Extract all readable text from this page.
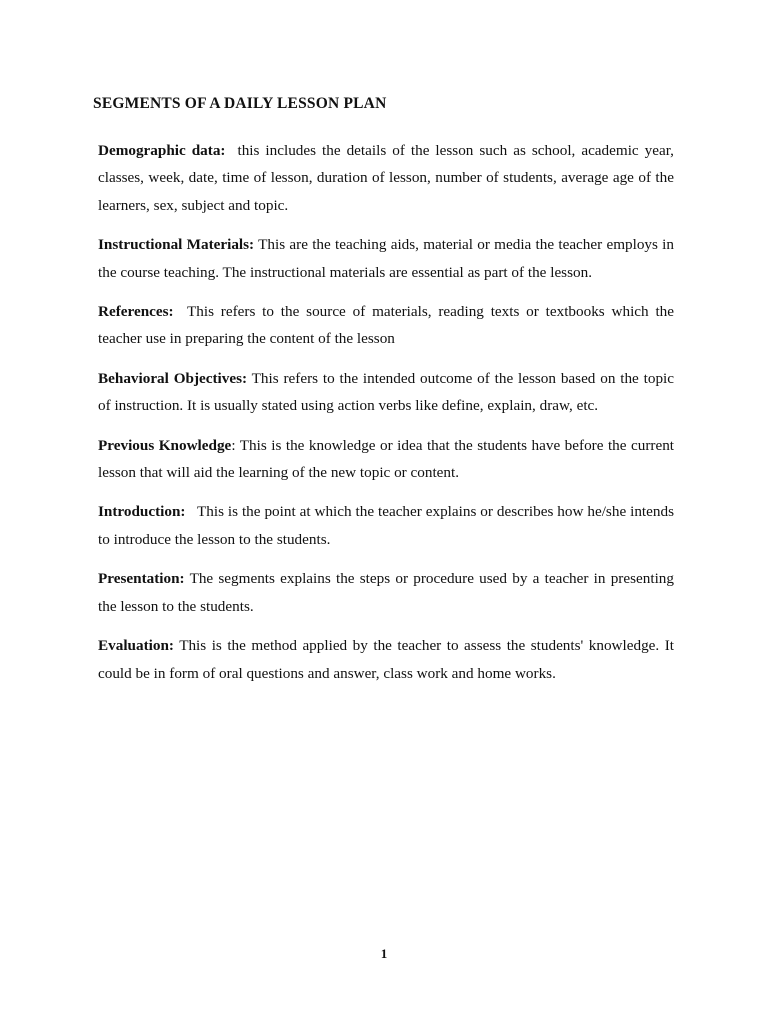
SEGMENTS OF A DAILY LESSON PLAN

Demographic data: this includes the details of the lesson such as school, academic year, classes, week, date, time of lesson, duration of lesson, number of students, average age of the learners, sex, subject and topic.

Instructional Materials: This are the teaching aids, material or media the teacher employs in the course teaching. The instructional materials are essential as part of the lesson.

References: This refers to the source of materials, reading texts or textbooks which the teacher use in preparing the content of the lesson

Behavioral Objectives: This refers to the intended outcome of the lesson based on the topic of instruction. It is usually stated using action verbs like define, explain, draw, etc.

Previous Knowledge: This is the knowledge or idea that the students have before the current lesson that will aid the learning of the new topic or content.

Introduction: This is the point at which the teacher explains or describes how he/she intends to introduce the lesson to the students.

Presentation: The segments explains the steps or procedure used by a teacher in presenting the lesson to the students.

Evaluation: This is the method applied by the teacher to assess the students' knowledge. It could be in form of oral questions and answer, class work and home works.

1
